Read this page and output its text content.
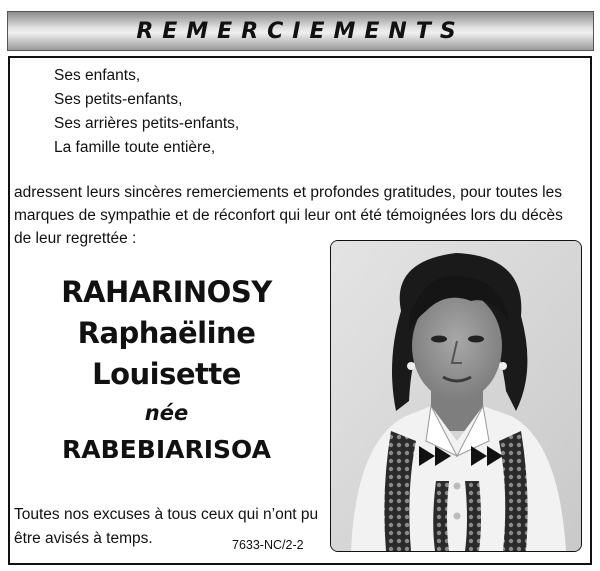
REMERCIEMENTS
Ses enfants,
Ses petits-enfants,
Ses arrières petits-enfants,
La famille toute entière,
adressent leurs sincères remerciements et profondes gratitudes, pour toutes les
marques de sympathie et de réconfort qui leur ont été témoignées lors du décès
de leur regrettée :
RAHARINOSY
Raphaëline
Louisette
née
RABEBIARISOA
Toutes nos excuses à tous ceux qui n’ont pu
être avisés à temps.	7633-NC/2-2
